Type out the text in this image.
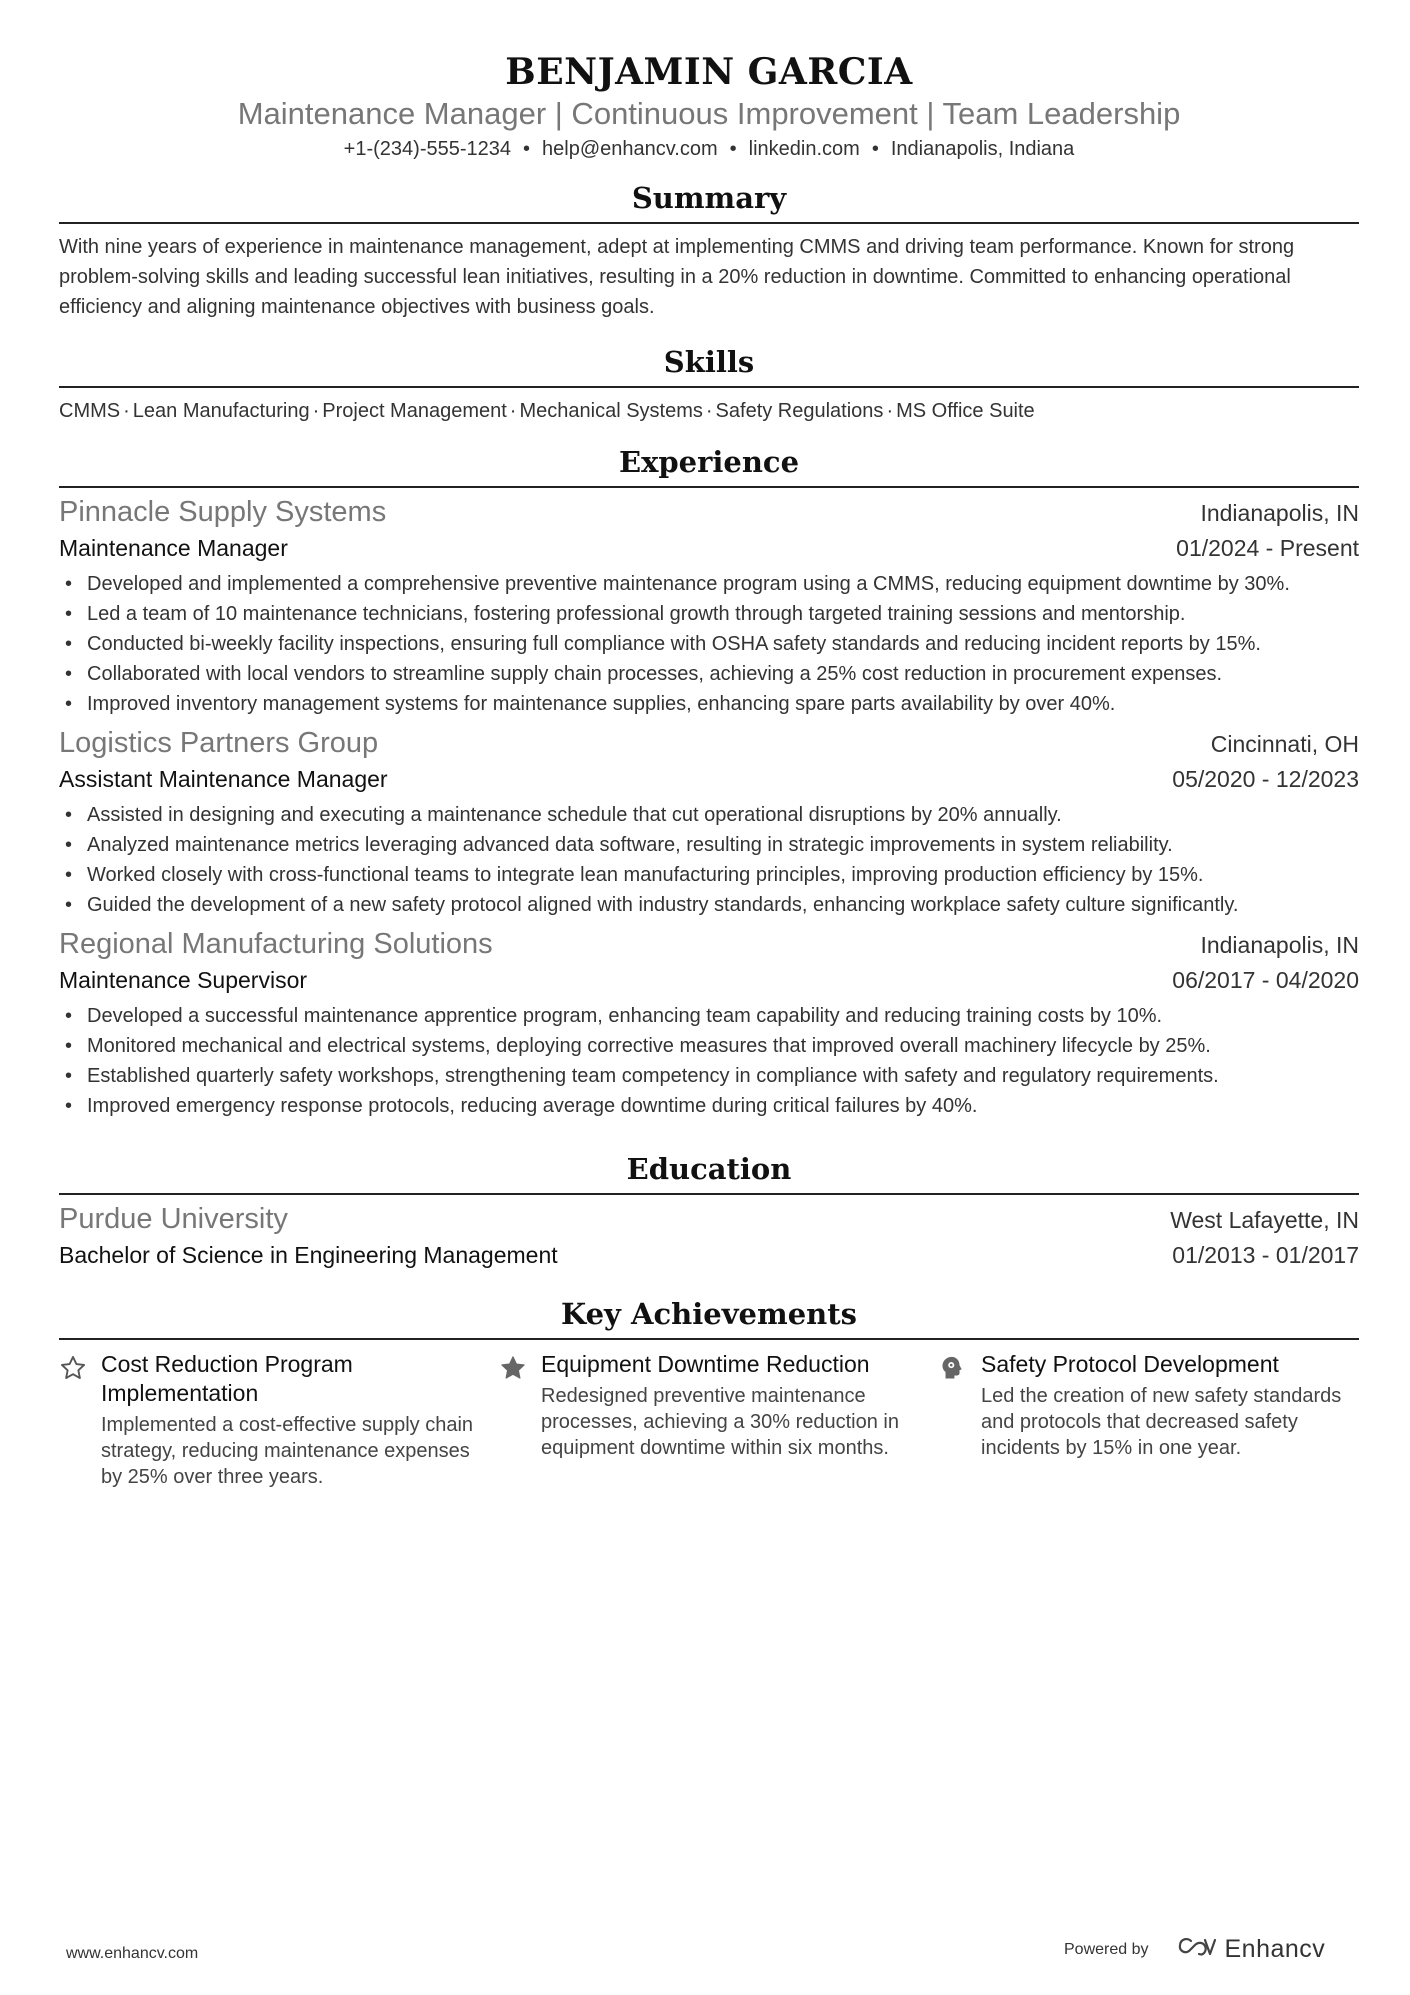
BENJAMIN GARCIA
Maintenance Manager | Continuous Improvement | Team Leadership
+1-(234)-555-1234 • help@enhancv.com • linkedin.com • Indianapolis, Indiana
Summary
With nine years of experience in maintenance management, adept at implementing CMMS and driving team performance. Known for strong problem-solving skills and leading successful lean initiatives, resulting in a 20% reduction in downtime. Committed to enhancing operational efficiency and aligning maintenance objectives with business goals.
Skills
CMMS · Lean Manufacturing · Project Management · Mechanical Systems · Safety Regulations · MS Office Suite
Experience
Pinnacle Supply Systems	Indianapolis, IN
Maintenance Manager	01/2024 - Present
• Developed and implemented a comprehensive preventive maintenance program using a CMMS, reducing equipment downtime by 30%.
• Led a team of 10 maintenance technicians, fostering professional growth through targeted training sessions and mentorship.
• Conducted bi-weekly facility inspections, ensuring full compliance with OSHA safety standards and reducing incident reports by 15%.
• Collaborated with local vendors to streamline supply chain processes, achieving a 25% cost reduction in procurement expenses.
• Improved inventory management systems for maintenance supplies, enhancing spare parts availability by over 40%.
Logistics Partners Group	Cincinnati, OH
Assistant Maintenance Manager	05/2020 - 12/2023
• Assisted in designing and executing a maintenance schedule that cut operational disruptions by 20% annually.
• Analyzed maintenance metrics leveraging advanced data software, resulting in strategic improvements in system reliability.
• Worked closely with cross-functional teams to integrate lean manufacturing principles, improving production efficiency by 15%.
• Guided the development of a new safety protocol aligned with industry standards, enhancing workplace safety culture significantly.
Regional Manufacturing Solutions	Indianapolis, IN
Maintenance Supervisor	06/2017 - 04/2020
• Developed a successful maintenance apprentice program, enhancing team capability and reducing training costs by 10%.
• Monitored mechanical and electrical systems, deploying corrective measures that improved overall machinery lifecycle by 25%.
• Established quarterly safety workshops, strengthening team competency in compliance with safety and regulatory requirements.
• Improved emergency response protocols, reducing average downtime during critical failures by 40%.
Education
Purdue University	West Lafayette, IN
Bachelor of Science in Engineering Management	01/2013 - 01/2017
Key Achievements
Cost Reduction Program Implementation
Implemented a cost-effective supply chain strategy, reducing maintenance expenses by 25% over three years.
Equipment Downtime Reduction
Redesigned preventive maintenance processes, achieving a 30% reduction in equipment downtime within six months.
Safety Protocol Development
Led the creation of new safety standards and protocols that decreased safety incidents by 15% in one year.
www.enhancv.com	Powered by	Enhancv
